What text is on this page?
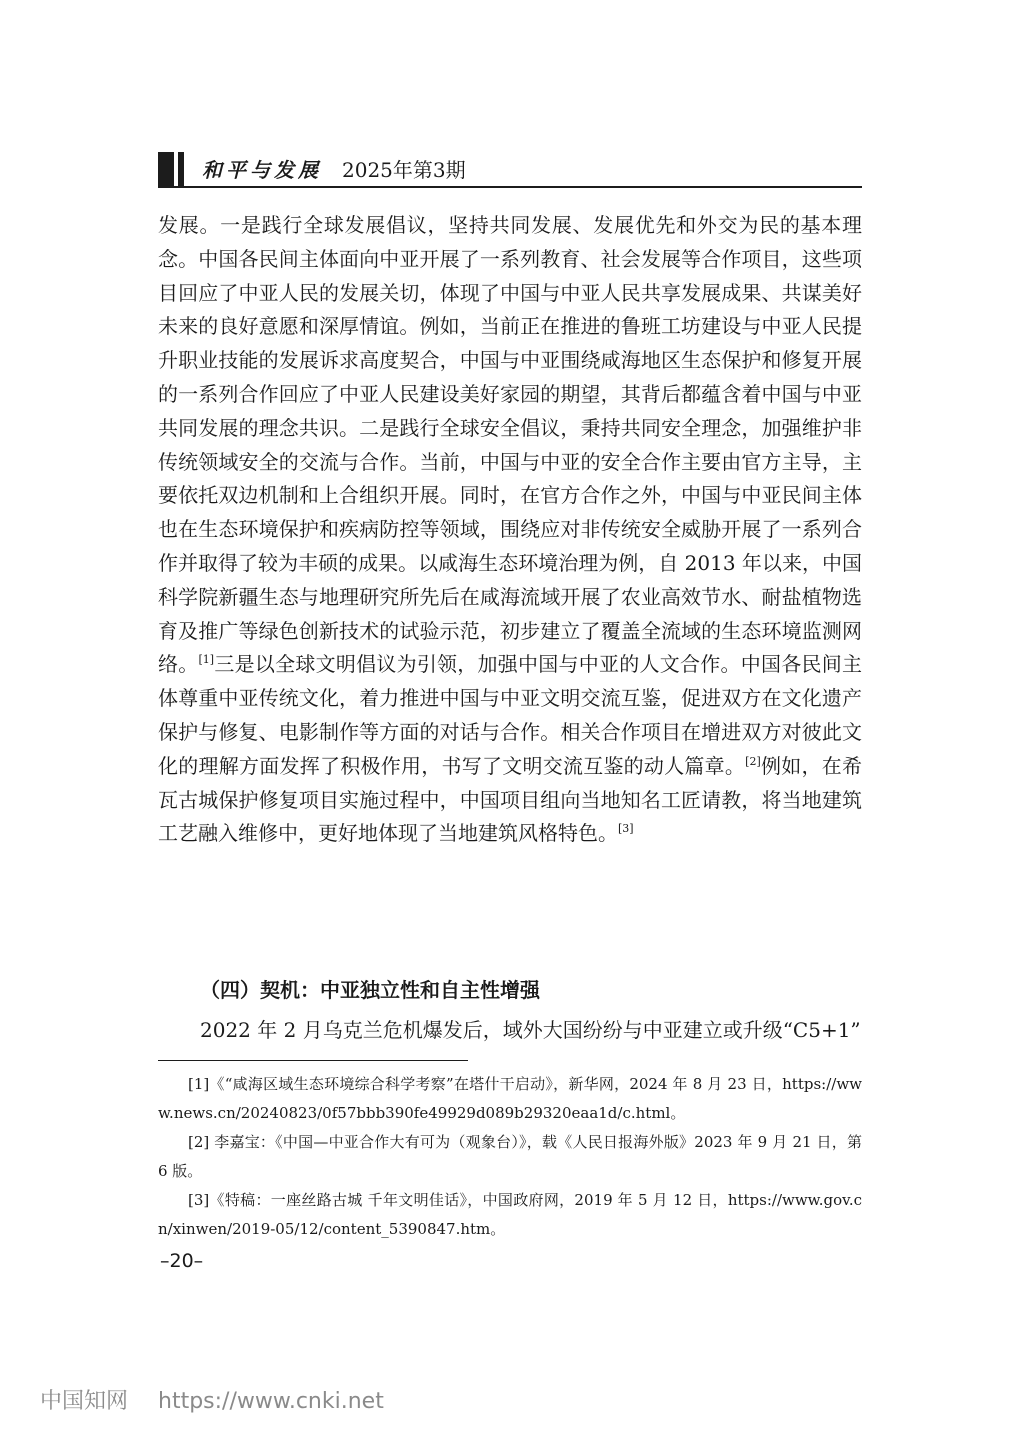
和平与发展 2025年第3期

发展。一是践行全球发展倡议，坚持共同发展、发展优先和外交为民的基本理念。中国各民间主体面向中亚开展了一系列教育、社会发展等合作项目，这些项目回应了中亚人民的发展关切，体现了中国与中亚人民共享发展成果、共谋美好未来的良好意愿和深厚情谊。例如，当前正在推进的鲁班工坊建设与中亚人民提升职业技能的发展诉求高度契合，中国与中亚围绕咸海地区生态保护和修复开展的一系列合作回应了中亚人民建设美好家园的期望，其背后都蕴含着中国与中亚共同发展的理念共识。二是践行全球安全倡议，秉持共同安全理念，加强维护非传统领域安全的交流与合作。当前，中国与中亚的安全合作主要由官方主导，主要依托双边机制和上合组织开展。同时，在官方合作之外，中国与中亚民间主体也在生态环境保护和疾病防控等领域，围绕应对非传统安全威胁开展了一系列合作并取得了较为丰硕的成果。以咸海生态环境治理为例，自 2013 年以来，中国科学院新疆生态与地理研究所先后在咸海流域开展了农业高效节水、耐盐植物选育及推广等绿色创新技术的试验示范，初步建立了覆盖全流域的生态环境监测网络。[1]三是以全球文明倡议为引领，加强中国与中亚的人文合作。中国各民间主体尊重中亚传统文化，着力推进中国与中亚文明交流互鉴，促进双方在文化遗产保护与修复、电影制作等方面的对话与合作。相关合作项目在增进双方对彼此文化的理解方面发挥了积极作用，书写了文明交流互鉴的动人篇章。[2]例如，在希瓦古城保护修复项目实施过程中，中国项目组向当地知名工匠请教，将当地建筑工艺融入维修中，更好地体现了当地建筑风格特色。[3]

（四）契机：中亚独立性和自主性增强
2022 年 2 月乌克兰危机爆发后，域外大国纷纷与中亚建立或升级“C5+1”

[1]《“咸海区域生态环境综合科学考察”在塔什干启动》，新华网，2024 年 8 月 23 日，https://www.news.cn/20240823/0f57bbb390fe49929d089b29320eaa1d/c.html。

[2] 李嘉宝：《中国—中亚合作大有可为（观象台）》，载《人民日报海外版》2023 年 9 月 21 日，第 6 版。

[3]《特稿：一座丝路古城 千年文明佳话》，中国政府网，2019 年 5 月 12 日，https://www.gov.cn/xinwen/2019-05/12/content_5390847.htm。

–20–
中国知网 https://www.cnki.net
